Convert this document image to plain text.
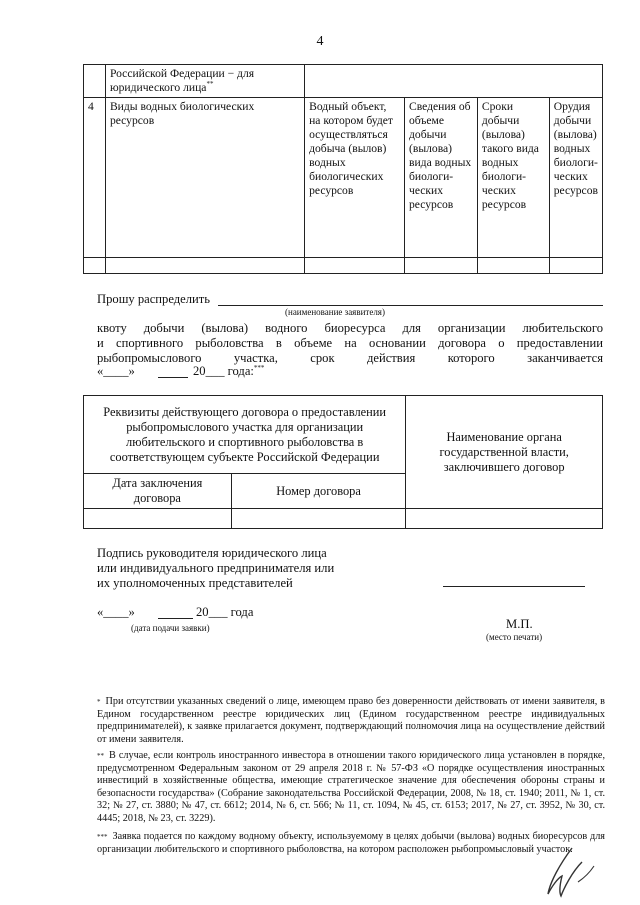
4
	Российской Федерации − для юридического лица**	
4	Виды водных биологических ресурсов	Водный объект, на котором будет осуществляться добыча (вылов) водных биологических ресурсов	Сведения об объеме добычи (вылова) вида водных биологи-ческих ресурсов	Сроки добычи (вылова) такого вида водных биологи-ческих ресурсов	Орудия добычи (вылова) водных биологи-ческих ресурсов

Прошу распределить
(наименование заявителя)
квоту добычи (вылова) водного биоресурса для организации любительского
и спортивного рыболовства в объеме на основании договора о предоставлении
рыбопромыслового участка, срок действия которого заканчивается
«____»	20___ года:***
Реквизиты действующего договора о предоставлении рыбопромыслового участка для организации любительского и спортивного рыболовства в соответствующем субъекте Российской Федерации		Наименование органа государственной власти, заключившего договор
Дата заключения договора	Номер договора	

Подпись руководителя юридического лица
или индивидуального предпринимателя или
их уполномоченных представителей
«____»	20___ года
(дата подачи заявки)	М.П.
(место печати)
* При отсутствии указанных сведений о лице, имеющем право без доверенности действовать от имени заявителя, в Едином государственном реестре юридических лиц (Едином государственном реестре индивидуальных предпринимателей), к заявке прилагается документ, подтверждающий полномочия лица на осуществление действий от имени заявителя.
** В случае, если контроль иностранного инвестора в отношении такого юридического лица установлен в порядке, предусмотренном Федеральным законом от 29 апреля 2018 г. № 57-ФЗ «О порядке осуществления иностранных инвестиций в хозяйственные общества, имеющие стратегическое значение для обеспечения обороны страны и безопасности государства» (Собрание законодательства Российской Федерации, 2008, № 18, ст. 1940; 2011, № 1, ст. 32; № 27, ст. 3880; № 47, ст. 6612; 2014, № 6, ст. 566; № 11, ст. 1094, № 45, ст. 6153; 2017, № 27, ст. 3952, № 30, ст. 4445; 2018, № 23, ст. 3229).
*** Заявка подается по каждому водному объекту, используемому в целях добычи (вылова) водных биоресурсов для организации любительского и спортивного рыболовства, на котором расположен рыбопромысловый участок.
